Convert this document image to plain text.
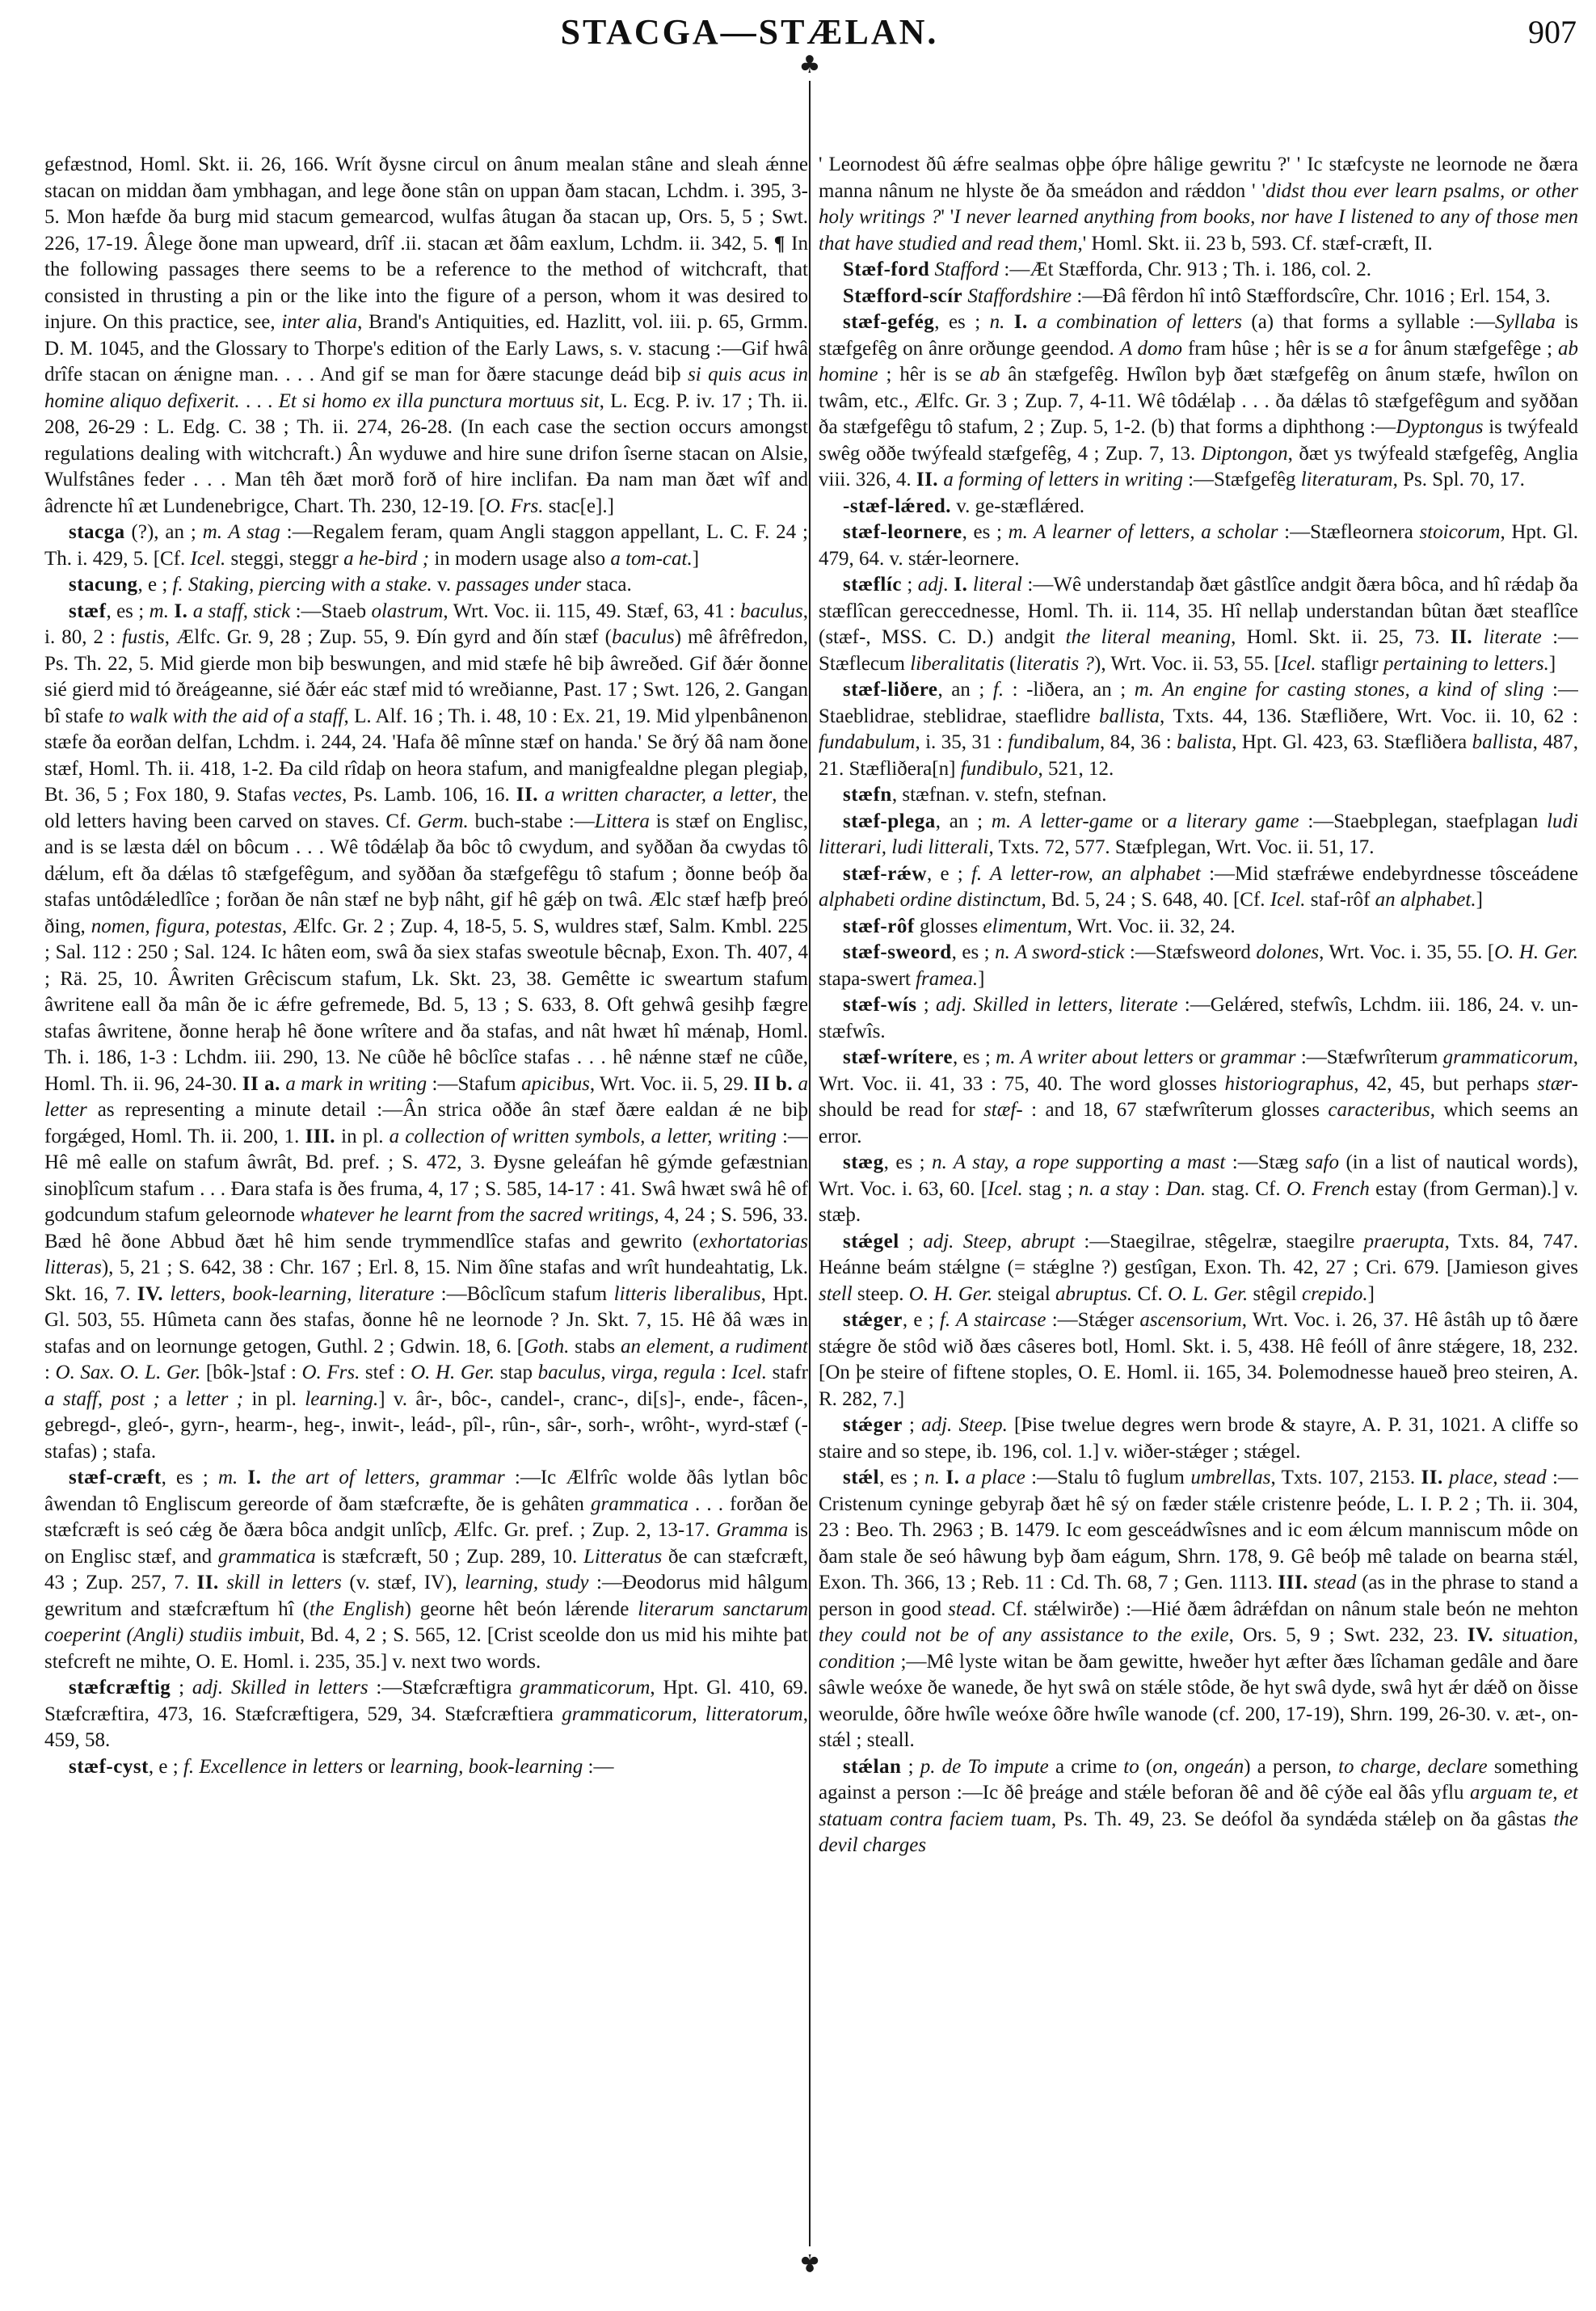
STACGA—STÆLAN.	907
♣
♣

gefæstnod, Homl. Skt. ii. 26, 166. Wrít ðysne circul on ânum mealan stâne and sleah ǽnne stacan on middan ðam ymbhagan, and lege ðone stân on uppan ðam stacan, Lchdm. i. 395, 3-5. Mon hæfde ða burg mid stacum gemearcod, wulfas âtugan ða stacan up, Ors. 5, 5 ; Swt. 226, 17-19. Âlege ðone man upweard, drîf .ii. stacan æt ðâm eaxlum, Lchdm. ii. 342, 5. ¶ In the following passages there seems to be a reference to the method of witchcraft, that consisted in thrusting a pin or the like into the figure of a person, whom it was desired to injure. On this practice, see, inter alia, Brand's Antiquities, ed. Hazlitt, vol. iii. p. 65, Grmm. D. M. 1045, and the Glossary to Thorpe's edition of the Early Laws, s. v. stacung :—Gif hwâ drîfe stacan on ǽnigne man. . . . And gif se man for ðære stacunge deád biþ si quis acus in homine aliquo defixerit. . . . Et si homo ex illa punctura mortuus sit, L. Ecg. P. iv. 17 ; Th. ii. 208, 26-29 : L. Edg. C. 38 ; Th. ii. 274, 26-28. (In each case the section occurs amongst regulations dealing with witchcraft.) Ân wyduwe and hire sune drifon îserne stacan on Alsie, Wulfstânes feder . . . Man têh ðæt morð forð of hire inclifan. Ða nam man ðæt wîf and âdrencte hî æt Lundenebrigce, Chart. Th. 230, 12-19. [O. Frs. stac[e].]

stacga (?), an ; m. A stag :—Regalem feram, quam Angli staggon appellant, L. C. F. 24 ; Th. i. 429, 5. [Cf. Icel. steggi, steggr a he-bird ; in modern usage also a tom-cat.]

stacung, e ; f. Staking, piercing with a stake. v. passages under staca.

stæf, es ; m. I. a staff, stick :—Staeb olastrum, Wrt. Voc. ii. 115, 49. Stæf, 63, 41 : baculus, i. 80, 2 : fustis, Ælfc. Gr. 9, 28 ; Zup. 55, 9. Ðín gyrd and ðín stæf (baculus) mê âfrêfredon, Ps. Th. 22, 5. Mid gierde mon biþ beswungen, and mid stæfe hê biþ âwreðed. Gif ðǽr ðonne sié gierd mid tó ðreágeanne, sié ðǽr eác stæf mid tó wreðianne, Past. 17 ; Swt. 126, 2. Gangan bî stafe to walk with the aid of a staff, L. Alf. 16 ; Th. i. 48, 10 : Ex. 21, 19. Mid ylpenbânenon stæfe ða eorðan delfan, Lchdm. i. 244, 24. 'Hafa ðê mînne stæf on handa.' Se ðrý ðâ nam ðone stæf, Homl. Th. ii. 418, 1-2. Ða cild rîdaþ on heora stafum, and manigfealdne plegan plegiaþ, Bt. 36, 5 ; Fox 180, 9. Stafas vectes, Ps. Lamb. 106, 16. II. a written character, a letter, the old letters having been carved on staves. Cf. Germ. buch-stabe :—Littera is stæf on Englisc, and is se læsta dǽl on bôcum . . . Wê tôdǽlaþ ða bôc tô cwydum, and syððan ða cwydas tô dǽlum, eft ða dǽlas tô stæfgefêgum, and syððan ða stæfgefêgu tô stafum ; ðonne beóþ ða stafas untôdǽledlîce ; forðan ðe nân stæf ne byþ nâht, gif hê gǽþ on twâ. Ælc stæf hæfþ þreó ðing, nomen, figura, potestas, Ælfc. Gr. 2 ; Zup. 4, 18-5, 5. S, wuldres stæf, Salm. Kmbl. 225 ; Sal. 112 : 250 ; Sal. 124. Ic hâten eom, swâ ða siex stafas sweotule bêcnaþ, Exon. Th. 407, 4 ; Rä. 25, 10. Âwriten Grêciscum stafum, Lk. Skt. 23, 38. Gemêtte ic sweartum stafum âwritene eall ða mân ðe ic ǽfre gefremede, Bd. 5, 13 ; S. 633, 8. Oft gehwâ gesihþ fægre stafas âwritene, ðonne heraþ hê ðone wrîtere and ða stafas, and nât hwæt hî mǽnaþ, Homl. Th. i. 186, 1-3 : Lchdm. iii. 290, 13. Ne cûðe hê bôclîce stafas . . . hê nǽnne stæf ne cûðe, Homl. Th. ii. 96, 24-30. II a. a mark in writing :—Stafum apicibus, Wrt. Voc. ii. 5, 29. II b. a letter as representing a minute detail :—Ân strica oððe ân stæf ðære ealdan ǽ ne biþ forgǽged, Homl. Th. ii. 200, 1. III. in pl. a collection of written symbols, a letter, writing :—Hê mê ealle on stafum âwrât, Bd. pref. ; S. 472, 3. Ðysne geleáfan hê gýmde gefæstnian sinoþlîcum stafum . . . Ðara stafa is ðes fruma, 4, 17 ; S. 585, 14-17 : 41. Swâ hwæt swâ hê of godcundum stafum geleornode whatever he learnt from the sacred writings, 4, 24 ; S. 596, 33. Bæd hê ðone Abbud ðæt hê him sende trymmendlîce stafas and gewrito (exhortatorias litteras), 5, 21 ; S. 642, 38 : Chr. 167 ; Erl. 8, 15. Nim ðîne stafas and wrît hundeahtatig, Lk. Skt. 16, 7. IV. letters, book-learning, literature :—Bôclîcum stafum litteris liberalibus, Hpt. Gl. 503, 55. Hûmeta cann ðes stafas, ðonne hê ne leornode ? Jn. Skt. 7, 15. Hê ðâ wæs in stafas and on leornunge getogen, Guthl. 2 ; Gdwin. 18, 6. [Goth. stabs an element, a rudiment : O. Sax. O. L. Ger. [bôk-]staf : O. Frs. stef : O. H. Ger. stap baculus, virga, regula : Icel. stafr a staff, post ; a letter ; in pl. learning.] v. âr-, bôc-, candel-, cranc-, di[s]-, ende-, fâcen-, gebregd-, gleó-, gyrn-, hearm-, heg-, inwit-, leád-, pîl-, rûn-, sâr-, sorh-, wrôht-, wyrd-stæf (-stafas) ; stafa.

stæf-cræft, es ; m. I. the art of letters, grammar :—Ic Ælfrîc wolde ðâs lytlan bôc âwendan tô Engliscum gereorde of ðam stæfcræfte, ðe is gehâten grammatica . . . forðan ðe stæfcræft is seó cǽg ðe ðæra bôca andgit unlîcþ, Ælfc. Gr. pref. ; Zup. 2, 13-17. Gramma is on Englisc stæf, and grammatica is stæfcræft, 50 ; Zup. 289, 10. Litteratus ðe can stæfcræft, 43 ; Zup. 257, 7. II. skill in letters (v. stæf, IV), learning, study :—Ðeodorus mid hâlgum gewritum and stæfcræftum hî (the English) georne hêt beón lǽrende literarum sanctarum coeperint (Angli) studiis imbuit, Bd. 4, 2 ; S. 565, 12. [Crist sceolde don us mid his mihte þat stefcreft ne mihte, O. E. Homl. i. 235, 35.] v. next two words.

stæfcræftig ; adj. Skilled in letters :—Stæfcræftigra grammaticorum, Hpt. Gl. 410, 69. Stæfcræftira, 473, 16. Stæfcræftigera, 529, 34. Stæfcræftiera grammaticorum, litteratorum, 459, 58.

stæf-cyst, e ; f. Excellence in letters or learning, book-learning :—

' Leornodest ðû ǽfre sealmas oþþe óþre hâlige gewritu ?' ' Ic stæfcyste ne leornode ne ðæra manna nânum ne hlyste ðe ða smeádon and rǽddon ' 'didst thou ever learn psalms, or other holy writings ?' 'I never learned anything from books, nor have I listened to any of those men that have studied and read them,' Homl. Skt. ii. 23 b, 593. Cf. stæf-cræft, II.

Stæf-ford Stafford :—Æt Stæfforda, Chr. 913 ; Th. i. 186, col. 2.

Stæfford-scír Staffordshire :—Ðâ fêrdon hî intô Stæffordscîre, Chr. 1016 ; Erl. 154, 3.

stæf-gefég, es ; n. I. a combination of letters (a) that forms a syllable :—Syllaba is stæfgefêg on ânre orðunge geendod. A domo fram hûse ; hêr is se a for ânum stæfgefêge ; ab homine ; hêr is se ab ân stæfgefêg. Hwîlon byþ ðæt stæfgefêg on ânum stæfe, hwîlon on twâm, etc., Ælfc. Gr. 3 ; Zup. 7, 4-11. Wê tôdǽlaþ . . . ða dǽlas tô stæfgefêgum and syððan ða stæfgefêgu tô stafum, 2 ; Zup. 5, 1-2. (b) that forms a diphthong :—Dyptongus is twýfeald swêg oððe twýfeald stæfgefêg, 4 ; Zup. 7, 13. Diptongon, ðæt ys twýfeald stæfgefêg, Anglia viii. 326, 4. II. a forming of letters in writing :—Stæfgefêg literaturam, Ps. Spl. 70, 17.

-stæf-lǽred. v. ge-stæflǽred.

stæf-leornere, es ; m. A learner of letters, a scholar :—Stæfleornera stoicorum, Hpt. Gl. 479, 64. v. stǽr-leornere.

stæflíc ; adj. I. literal :—Wê understandaþ ðæt gâstlîce andgit ðæra bôca, and hî rǽdaþ ða stæflîcan gereccednesse, Homl. Th. ii. 114, 35. Hî nellaþ understandan bûtan ðæt steaflîce (stæf-, MSS. C. D.) andgit the literal meaning, Homl. Skt. ii. 25, 73. II. literate :—Stæflecum liberalitatis (literatis ?), Wrt. Voc. ii. 53, 55. [Icel. stafligr pertaining to letters.]

stæf-liðere, an ; f. : -liðera, an ; m. An engine for casting stones, a kind of sling :—Staeblidrae, steblidrae, staeflidre ballista, Txts. 44, 136. Stæfliðere, Wrt. Voc. ii. 10, 62 : fundabulum, i. 35, 31 : fundibalum, 84, 36 : balista, Hpt. Gl. 423, 63. Stæfliðera ballista, 487, 21. Stæfliðera[n] fundibulo, 521, 12.

stæfn, stæfnan. v. stefn, stefnan.

stæf-plega, an ; m. A letter-game or a literary game :—Staebplegan, staefplagan ludi litterari, ludi litterali, Txts. 72, 577. Stæfplegan, Wrt. Voc. ii. 51, 17.

stæf-rǽw, e ; f. A letter-row, an alphabet :—Mid stæfrǽwe endebyrdnesse tôsceádene alphabeti ordine distinctum, Bd. 5, 24 ; S. 648, 40. [Cf. Icel. staf-rôf an alphabet.]

stæf-rôf glosses elimentum, Wrt. Voc. ii. 32, 24.

stæf-sweord, es ; n. A sword-stick :—Stæfsweord dolones, Wrt. Voc. i. 35, 55. [O. H. Ger. stapa-swert framea.]

stæf-wís ; adj. Skilled in letters, literate :—Gelǽred, stefwîs, Lchdm. iii. 186, 24. v. un-stæfwîs.

stæf-wrítere, es ; m. A writer about letters or grammar :—Stæfwrîterum grammaticorum, Wrt. Voc. ii. 41, 33 : 75, 40. The word glosses historiographus, 42, 45, but perhaps stær- should be read for stæf- : and 18, 67 stæfwrîterum glosses caracteribus, which seems an error.

stæg, es ; n. A stay, a rope supporting a mast :—Stæg safo (in a list of nautical words), Wrt. Voc. i. 63, 60. [Icel. stag ; n. a stay : Dan. stag. Cf. O. French estay (from German).] v. stæþ.

stǽgel ; adj. Steep, abrupt :—Staegilrae, stêgelræ, staegilre praerupta, Txts. 84, 747. Heánne beám stǽlgne (= stǽglne ?) gestîgan, Exon. Th. 42, 27 ; Cri. 679. [Jamieson gives stell steep. O. H. Ger. steigal abruptus. Cf. O. L. Ger. stêgil crepido.]

stǽger, e ; f. A staircase :—Stǽger ascensorium, Wrt. Voc. i. 26, 37. Hê âstâh up tô ðære stǽgre ðe stôd wið ðæs câseres botl, Homl. Skt. i. 5, 438. Hê feóll of ânre stǽgere, 18, 232. [On þe steire of fiftene stoples, O. E. Homl. ii. 165, 34. Þolemodnesse haueð þreo steiren, A. R. 282, 7.]

stǽger ; adj. Steep. [Þise twelue degres wern brode & stayre, A. P. 31, 1021. A cliffe so staire and so stepe, ib. 196, col. 1.] v. wiðer-stǽger ; stǽgel.

stǽl, es ; n. I. a place :—Stalu tô fuglum umbrellas, Txts. 107, 2153. II. place, stead :—Cristenum cyninge gebyraþ ðæt hê sý on fæder stǽle cristenre þeóde, L. I. P. 2 ; Th. ii. 304, 23 : Beo. Th. 2963 ; B. 1479. Ic eom gesceádwîsnes and ic eom ǽlcum manniscum môde on ðam stale ðe seó hâwung byþ ðam eágum, Shrn. 178, 9. Gê beóþ mê talade on bearna stǽl, Exon. Th. 366, 13 ; Reb. 11 : Cd. Th. 68, 7 ; Gen. 1113. III. stead (as in the phrase to stand a person in good stead. Cf. stǽlwirðe) :—Hié ðæm âdrǽfdan on nânum stale beón ne mehton they could not be of any assistance to the exile, Ors. 5, 9 ; Swt. 232, 23. IV. situation, condition ;—Mê lyste witan be ðam gewitte, hweðer hyt æfter ðæs lîchaman gedâle and ðare sâwle weóxe ðe wanede, ðe hyt swâ on stǽle stôde, ðe hyt swâ dyde, swâ hyt ǽr dǽð on ðisse weorulde, ôðre hwîle weóxe ôðre hwîle wanode (cf. 200, 17-19), Shrn. 199, 26-30. v. æt-, on-stǽl ; steall.

stǽlan ; p. de To impute a crime to (on, ongeán) a person, to charge, declare something against a person :—Ic ðê þreáge and stǽle beforan ðê and ðê cýðe eal ðâs yflu arguam te, et statuam contra faciem tuam, Ps. Th. 49, 23. Se deófol ða syndǽda stǽleþ on ða gâstas the devil charges
